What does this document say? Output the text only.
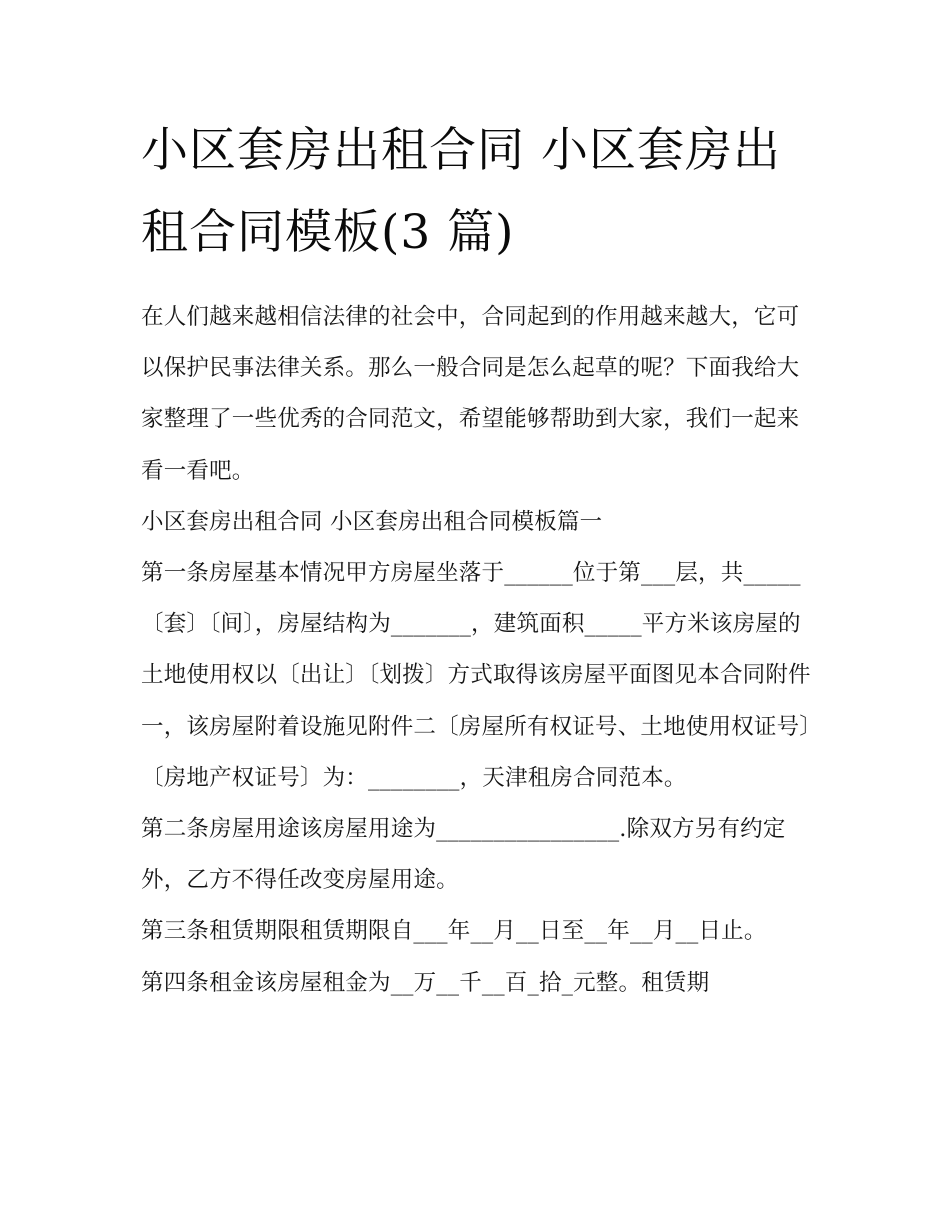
小区套房出租合同 小区套房出
租合同模板(3 篇)

在人们越来越相信法律的社会中，合同起到的作用越来越大，它可以保护民事法律关系。那么一般合同是怎么起草的呢？下面我给大家整理了一些优秀的合同范文，希望能够帮助到大家，我们一起来看一看吧。

小区套房出租合同 小区套房出租合同模板篇一

第一条房屋基本情况甲方房屋坐落于______位于第___层，共_____〔套〕〔间〕，房屋结构为_______，建筑面积_____平方米该房屋的土地使用权以〔出让〕〔划拨〕方式取得该房屋平面图见本合同附件一，该房屋附着设施见附件二〔房屋所有权证号、土地使用权证号〕〔房地产权证号〕为：________，天津租房合同范本。

第二条房屋用途该房屋用途为________________.除双方另有约定外，乙方不得任改变房屋用途。

第三条租赁期限租赁期限自___年__月__日至__年__月__日止。

第四条租金该房屋租金为__万__千__百_拾_元整。租赁期
